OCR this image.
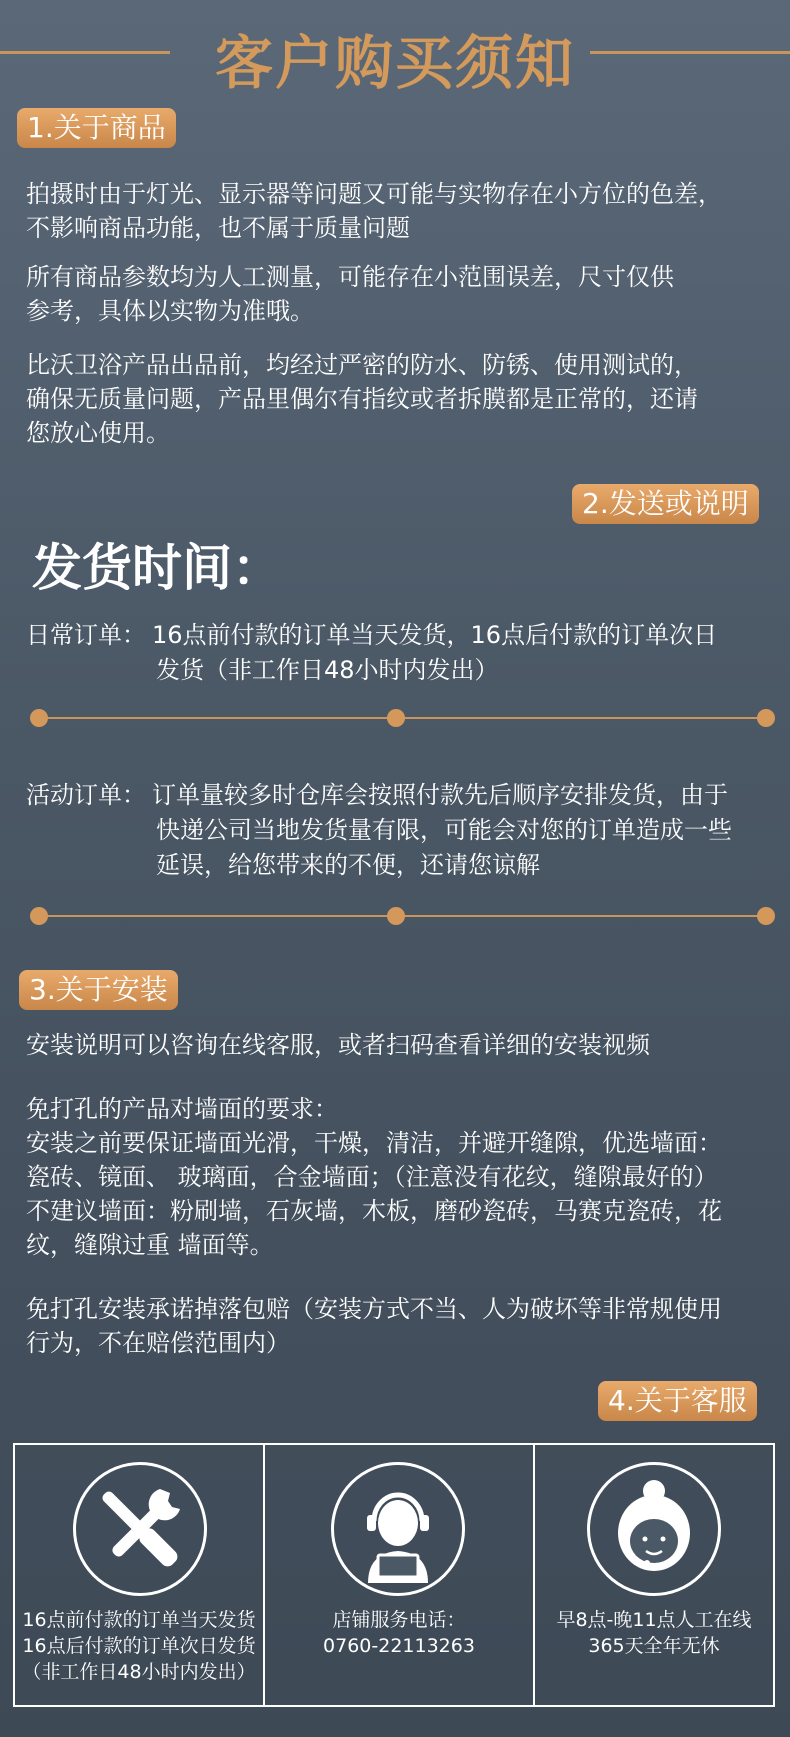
客户购买须知
1.关于商品
拍摄时由于灯光、显示器等问题又可能与实物存在小方位的色差，
不影响商品功能，也不属于质量问题
所有商品参数均为人工测量，可能存在小范围误差，尺寸仅供
参考，具体以实物为准哦。
比沃卫浴产品出品前，均经过严密的防水、防锈、使用测试的，
确保无质量问题，产品里偶尔有指纹或者拆膜都是正常的，还请
您放心使用。
2.发送或说明
发货时间：
日常订单： 16点前付款的订单当天发货，16点后付款的订单次日
发货（非工作日48小时内发出）
活动订单： 订单量较多时仓库会按照付款先后顺序安排发货，由于
快递公司当地发货量有限，可能会对您的订单造成一些
延误，给您带来的不便，还请您谅解
3.关于安装
安装说明可以咨询在线客服，或者扫码查看详细的安装视频
免打孔的产品对墙面的要求：
安装之前要保证墙面光滑，干燥，清洁，并避开缝隙，优选墙面：
瓷砖、镜面、 玻璃面，合金墙面；（注意没有花纹，缝隙最好的）
不建议墙面：粉刷墙，石灰墙，木板，磨砂瓷砖，马赛克瓷砖，花
纹，缝隙过重 墙面等。
免打孔安装承诺掉落包赔（安装方式不当、人为破坏等非常规使用
行为，不在赔偿范围内）
4.关于客服
16点前付款的订单当天发货
16点后付款的订单次日发货
（非工作日48小时内发出）
店铺服务电话：
0760-22113263
早8点-晚11点人工在线
365天全年无休
